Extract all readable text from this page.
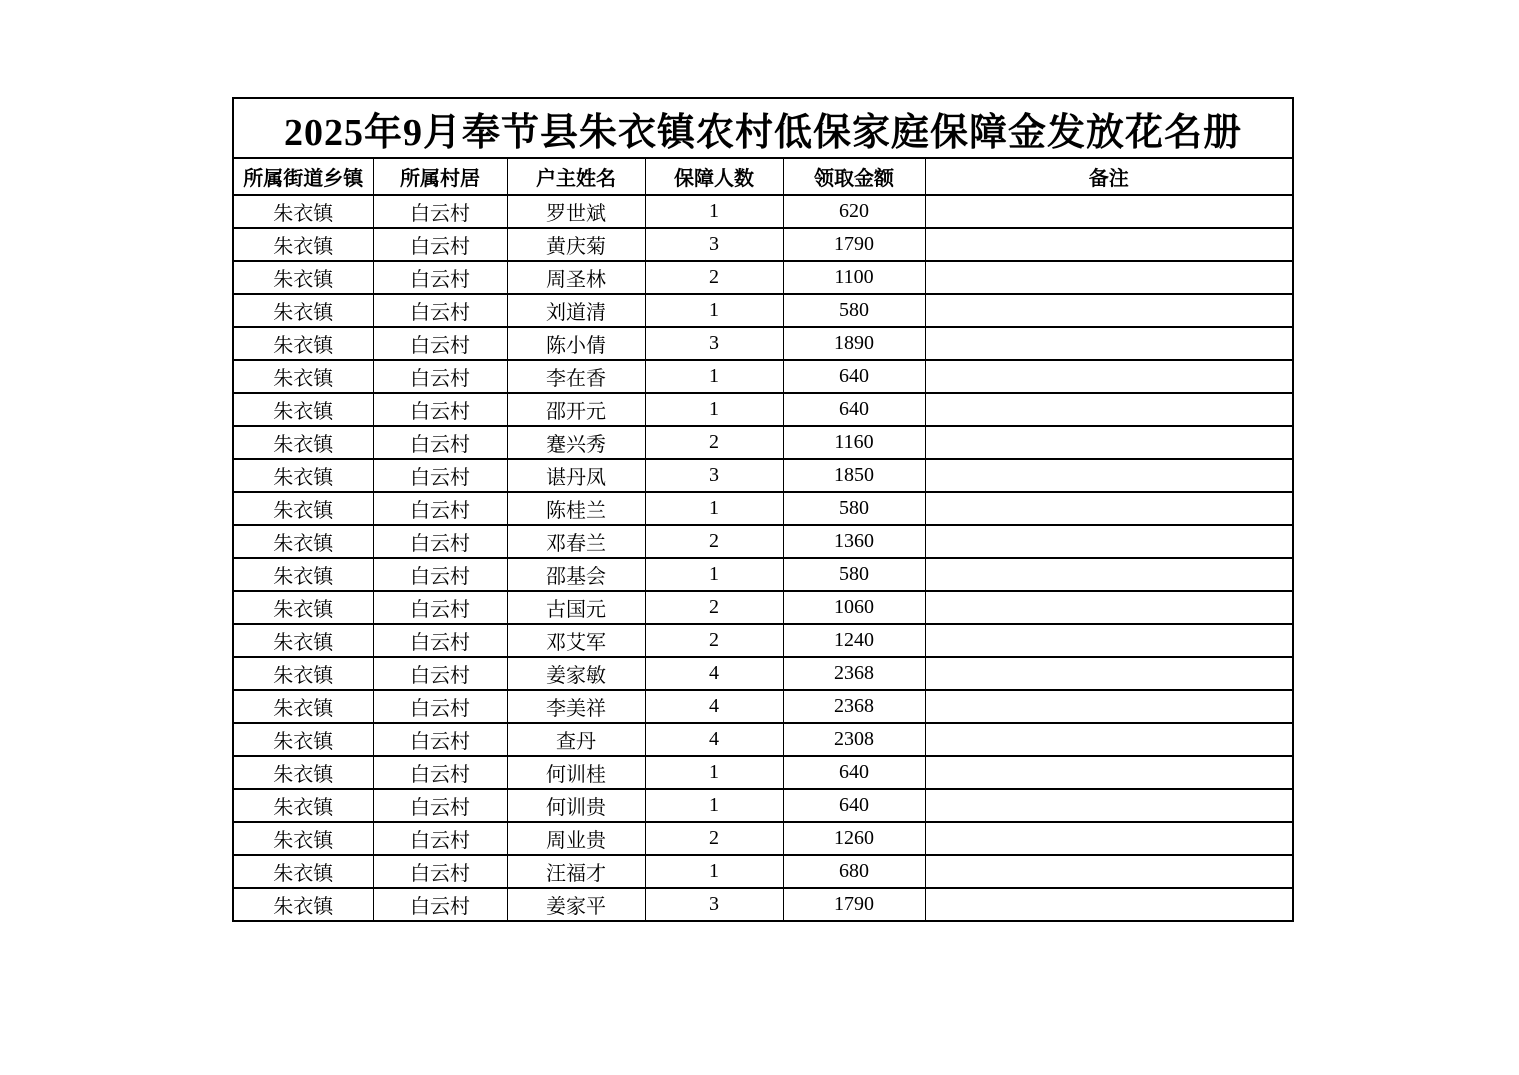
2025年9月奉节县朱衣镇农村低保家庭保障金发放花名册					
所属街道乡镇	所属村居	户主姓名	保障人数	领取金额	备注
朱衣镇	白云村	罗世斌	1	620	
朱衣镇	白云村	黄庆菊	3	1790	
朱衣镇	白云村	周圣林	2	1100	
朱衣镇	白云村	刘道清	1	580	
朱衣镇	白云村	陈小倩	3	1890	
朱衣镇	白云村	李在香	1	640	
朱衣镇	白云村	邵开元	1	640	
朱衣镇	白云村	蹇兴秀	2	1160	
朱衣镇	白云村	谌丹凤	3	1850	
朱衣镇	白云村	陈桂兰	1	580	
朱衣镇	白云村	邓春兰	2	1360	
朱衣镇	白云村	邵基会	1	580	
朱衣镇	白云村	古国元	2	1060	
朱衣镇	白云村	邓艾军	2	1240	
朱衣镇	白云村	姜家敏	4	2368	
朱衣镇	白云村	李美祥	4	2368	
朱衣镇	白云村	查丹	4	2308	
朱衣镇	白云村	何训桂	1	640	
朱衣镇	白云村	何训贵	1	640	
朱衣镇	白云村	周业贵	2	1260	
朱衣镇	白云村	汪福才	1	680	
朱衣镇	白云村	姜家平	3	1790	
